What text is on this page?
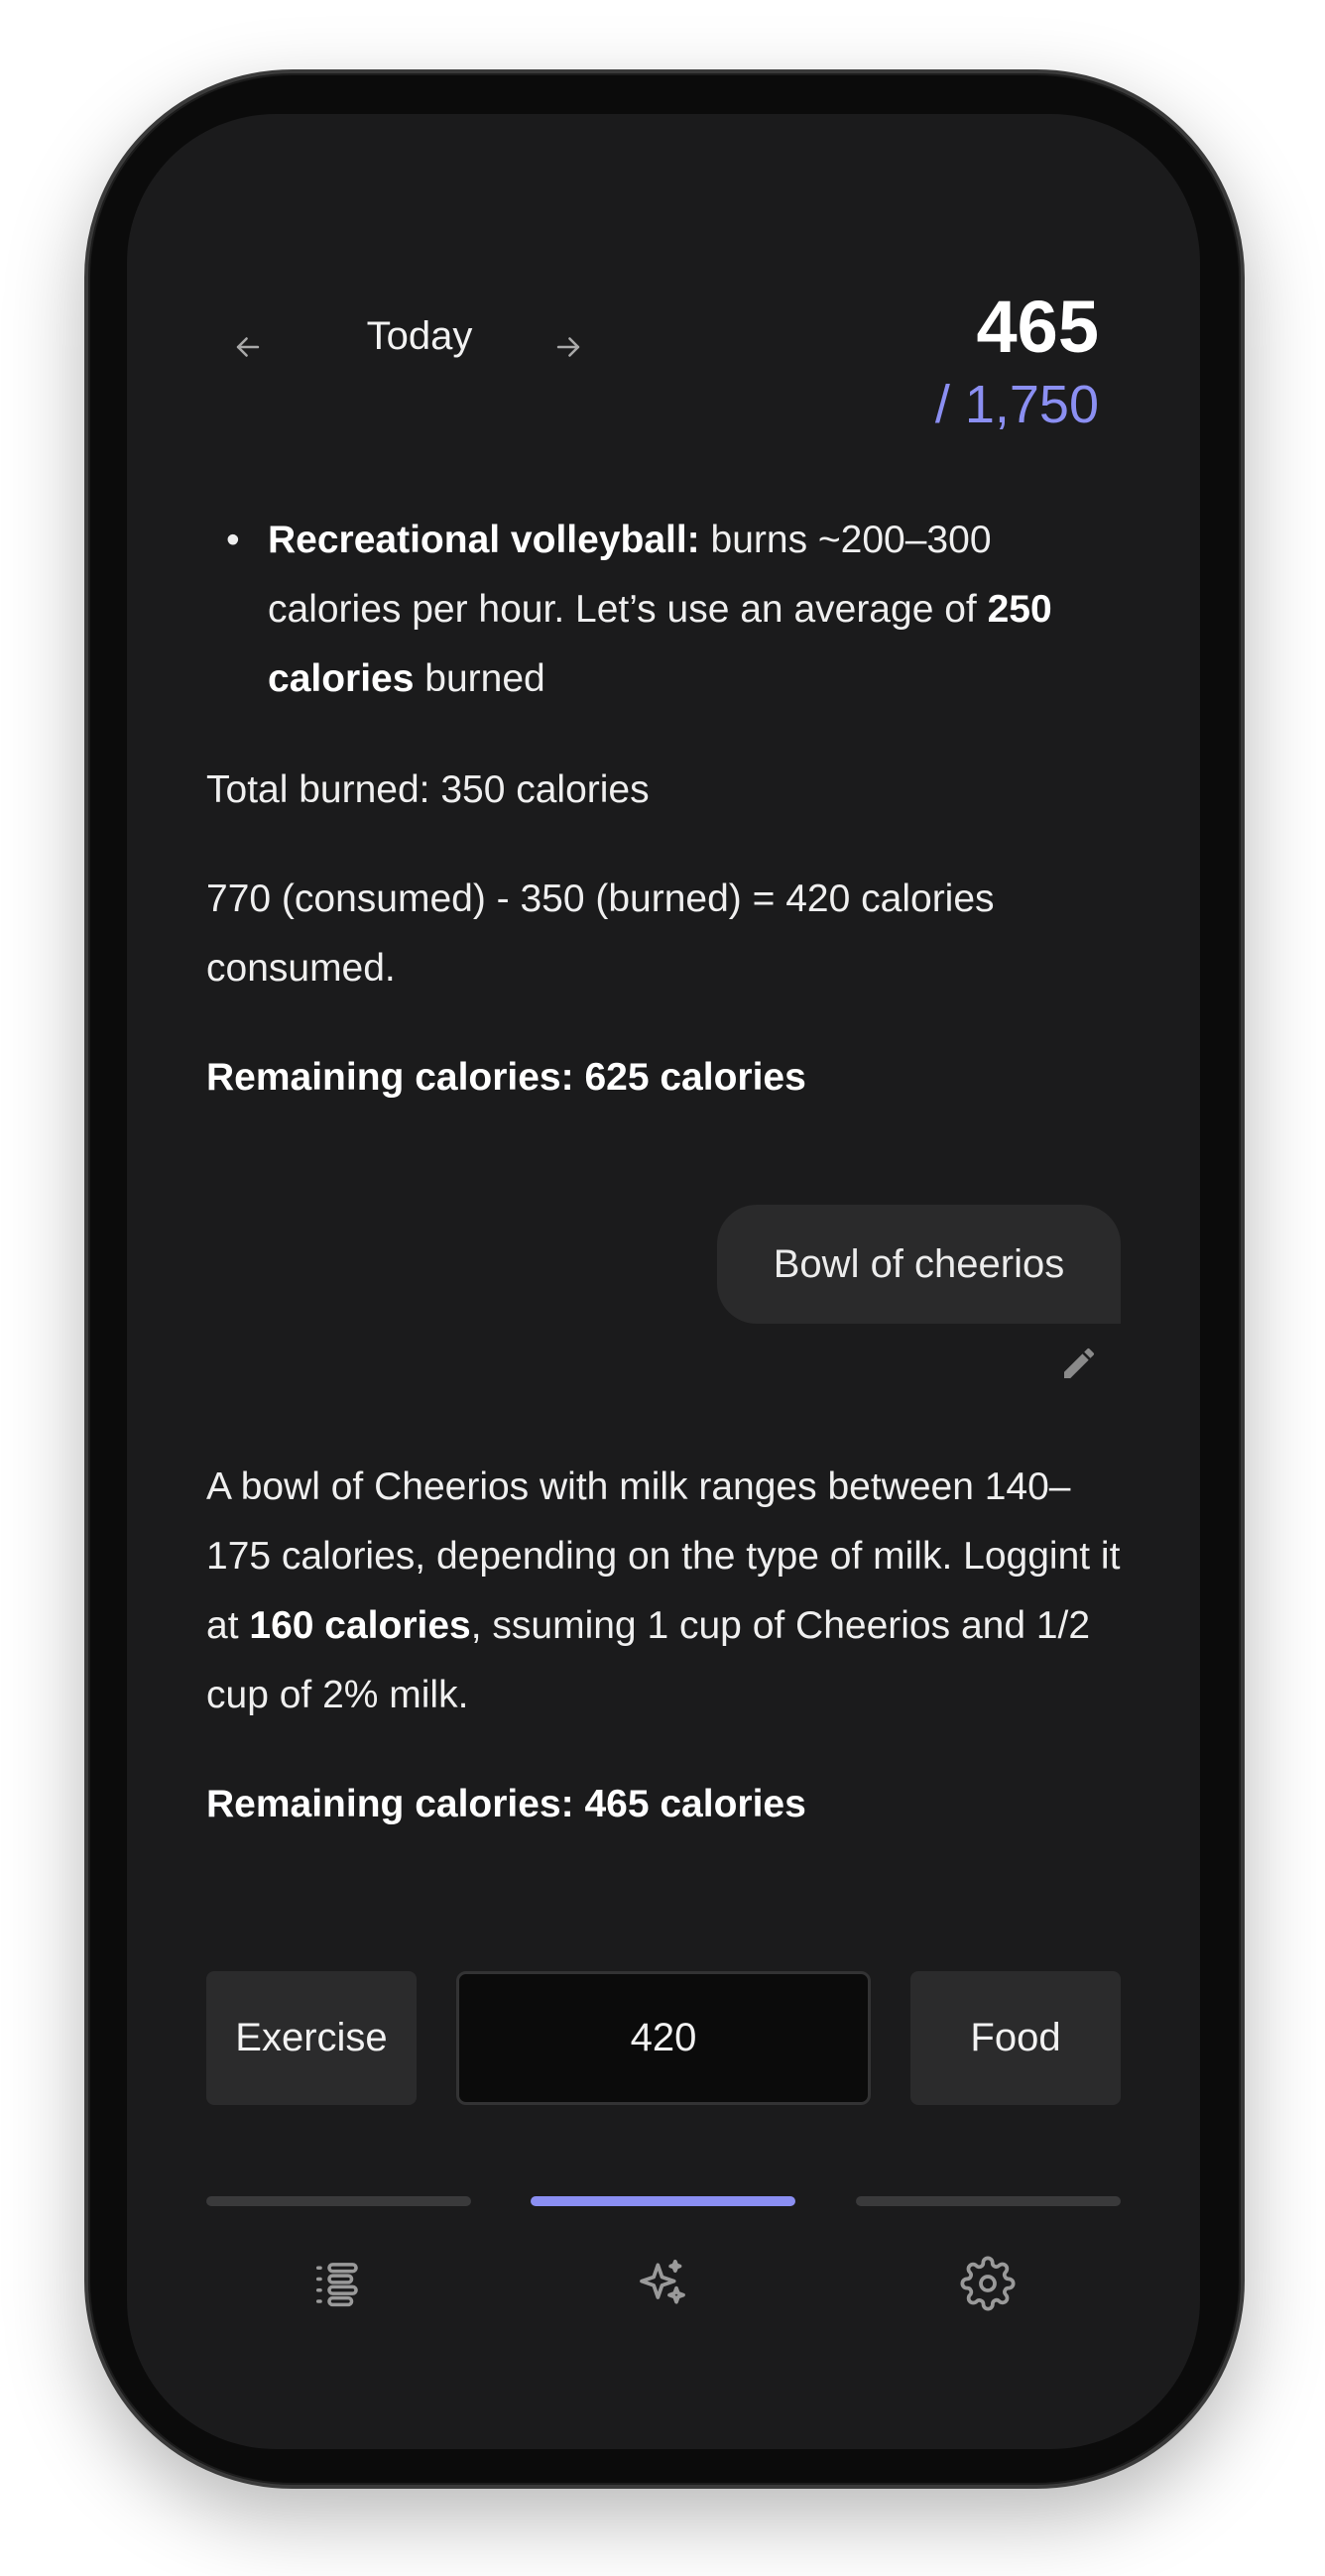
Today	465
/ 1,750

• Recreational volleyball: burns ~200–300 calories per hour. Let’s use an average of 250 calories burned

Total burned: 350 calories

770 (consumed) - 350 (burned) = 420 calories consumed.

Remaining calories: 625 calories

Bowl of cheerios

A bowl of Cheerios with milk ranges between 140–175 calories, depending on the type of milk. Loggint it at 160 calories, ssuming 1 cup of Cheerios and 1/2 cup of 2% milk.

Remaining calories: 465 calories

Exercise
420	Food
